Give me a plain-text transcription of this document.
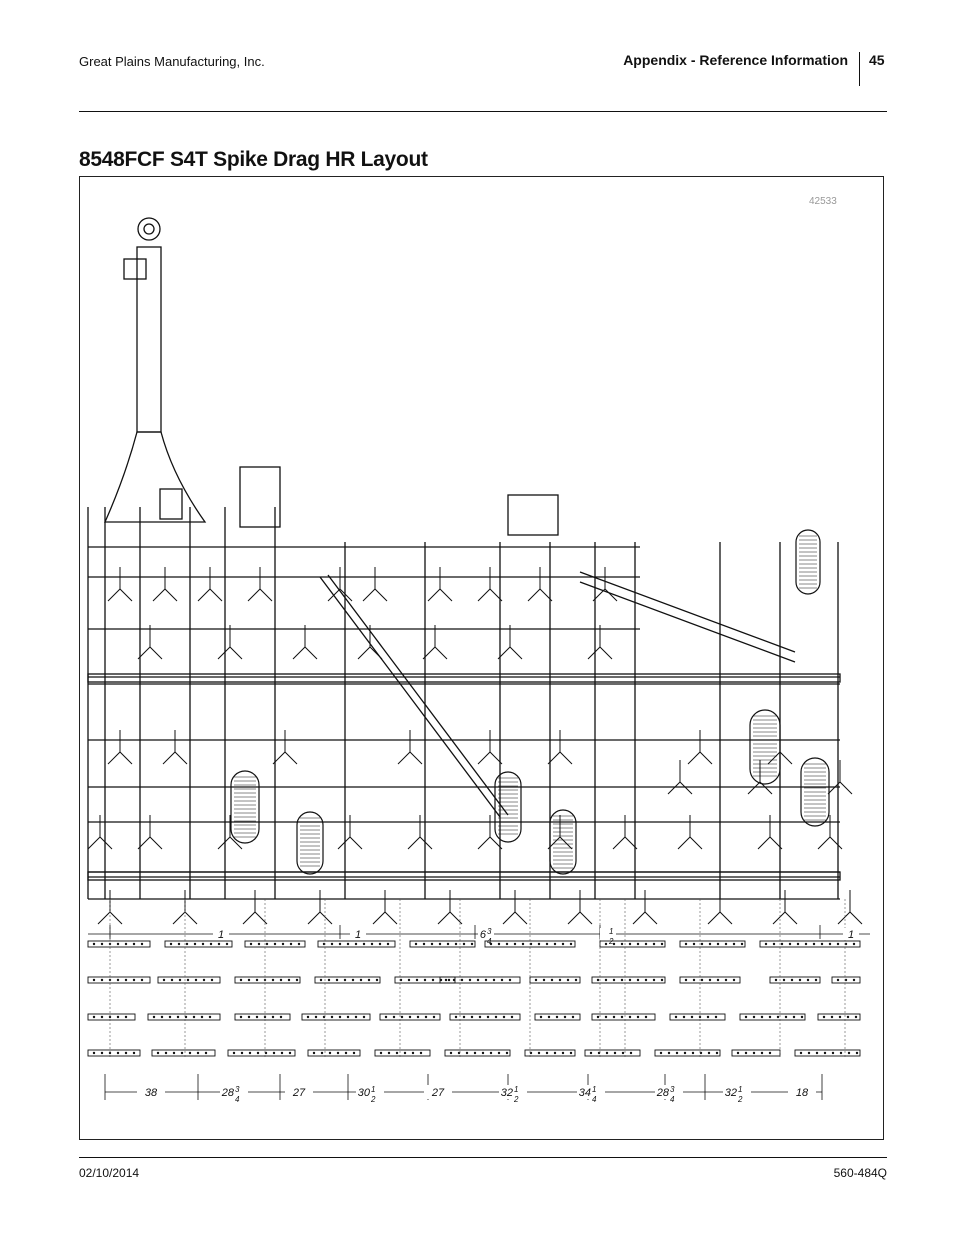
Great Plains Manufacturing, Inc.	Appendix - Reference Information 45
8548FCF S4T Spike Drag HR Layout
42533
38	28 3
4
27	30 1
2
27	32 1
2
34 1
4
28 3
4
32 1
2
18
1	1	6 3
4
1
2
1
02/10/2014	560-484Q
